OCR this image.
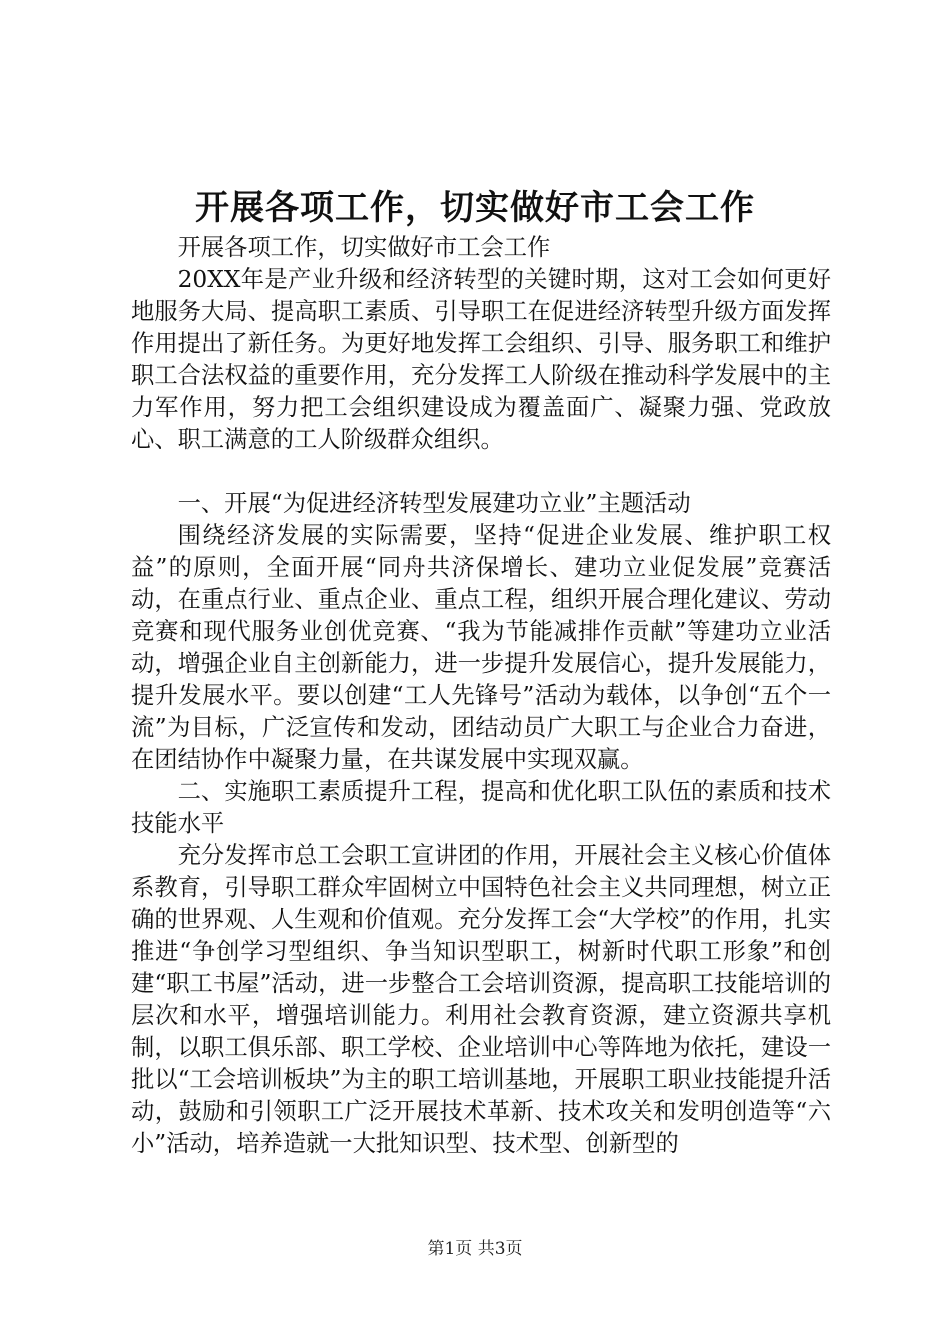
开展各项工作，切实做好市工会工作

开展各项工作，切实做好市工会工作

20XX年是产业升级和经济转型的关键时期，这对工会如何更好地服务大局、提高职工素质、引导职工在促进经济转型升级方面发挥作用提出了新任务。为更好地发挥工会组织、引导、服务职工和维护职工合法权益的重要作用，充分发挥工人阶级在推动科学发展中的主力军作用，努力把工会组织建设成为覆盖面广、凝聚力强、党政放心、职工满意的工人阶级群众组织。

一、开展“为促进经济转型发展建功立业”主题活动

围绕经济发展的实际需要，坚持“促进企业发展、维护职工权益”的原则，全面开展“同舟共济保增长、建功立业促发展”竞赛活动，在重点行业、重点企业、重点工程，组织开展合理化建议、劳动竞赛和现代服务业创优竞赛、“我为节能减排作贡献”等建功立业活动，增强企业自主创新能力，进一步提升发展信心，提升发展能力，提升发展水平。要以创建“工人先锋号”活动为载体，以争创“五个一流”为目标，广泛宣传和发动，团结动员广大职工与企业合力奋进，在团结协作中凝聚力量，在共谋发展中实现双赢。

二、实施职工素质提升工程，提高和优化职工队伍的素质和技术技能水平

充分发挥市总工会职工宣讲团的作用，开展社会主义核心价值体系教育，引导职工群众牢固树立中国特色社会主义共同理想，树立正确的世界观、人生观和价值观。充分发挥工会“大学校”的作用，扎实推进“争创学习型组织、争当知识型职工，树新时代职工形象”和创建“职工书屋”活动，进一步整合工会培训资源，提高职工技能培训的层次和水平，增强培训能力。利用社会教育资源，建立资源共享机制，以职工俱乐部、职工学校、企业培训中心等阵地为依托，建设一批以“工会培训板块”为主的职工培训基地，开展职工职业技能提升活动，鼓励和引领职工广泛开展技术革新、技术攻关和发明创造等“六小”活动，培养造就一大批知识型、技术型、创新型的

第1页 共3页
